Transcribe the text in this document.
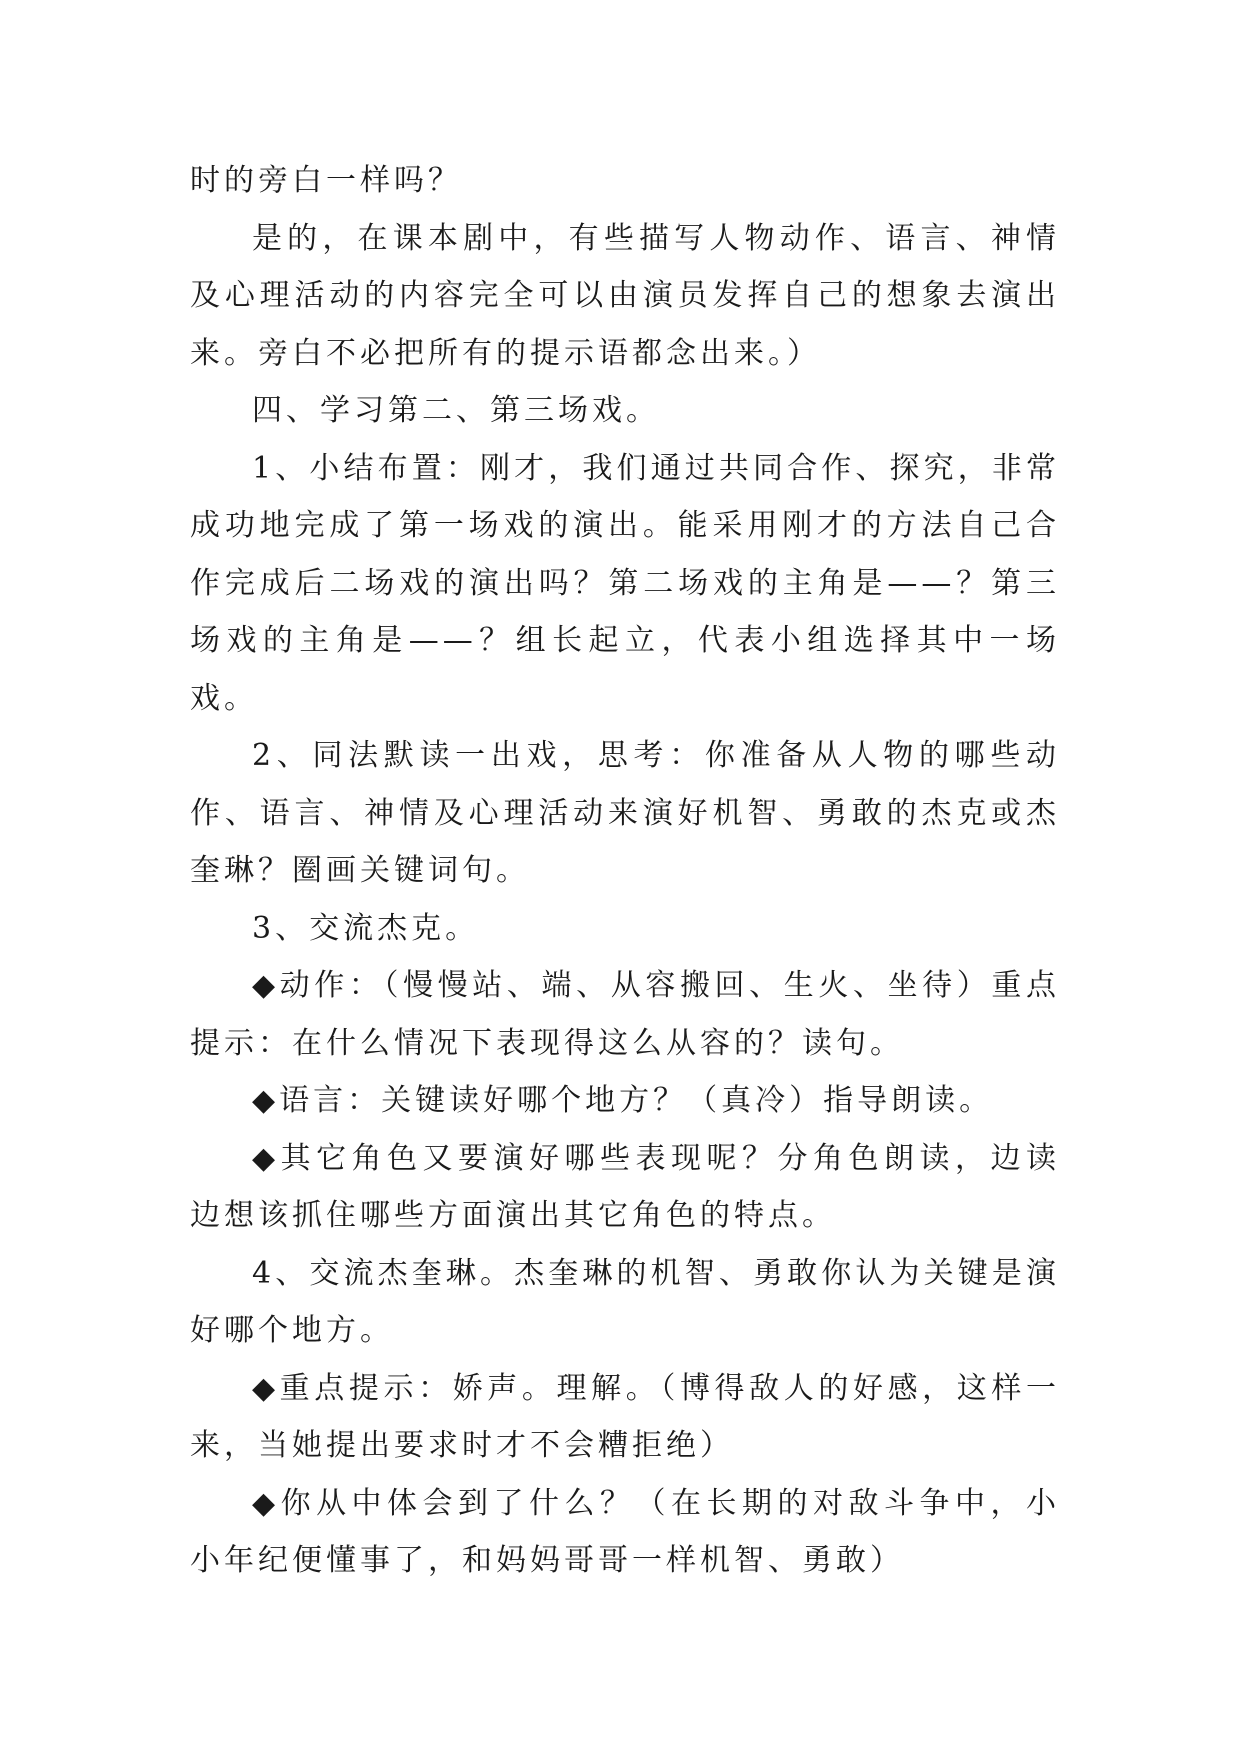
时的旁白一样吗？

是的，在课本剧中，有些描写人物动作、语言、神情及心理活动的内容完全可以由演员发挥自己的想象去演出来。旁白不必把所有的提示语都念出来。）

四、学习第二、第三场戏。

1、小结布置：刚才，我们通过共同合作、探究，非常成功地完成了第一场戏的演出。能采用刚才的方法自己合作完成后二场戏的演出吗？第二场戏的主角是——？第三场戏的主角是——？组长起立，代表小组选择其中一场戏。

2、同法默读一出戏，思考：你准备从人物的哪些动作、语言、神情及心理活动来演好机智、勇敢的杰克或杰奎琳？圈画关键词句。

3、交流杰克。

◆动作：（慢慢站、端、从容搬回、生火、坐待）重点提示：在什么情况下表现得这么从容的？读句。

◆语言：关键读好哪个地方？（真冷）指导朗读。

◆其它角色又要演好哪些表现呢？分角色朗读，边读边想该抓住哪些方面演出其它角色的特点。

4、交流杰奎琳。杰奎琳的机智、勇敢你认为关键是演好哪个地方。

◆重点提示：娇声。理解。（博得敌人的好感，这样一来，当她提出要求时才不会糟拒绝）

◆你从中体会到了什么？（在长期的对敌斗争中，小小年纪便懂事了，和妈妈哥哥一样机智、勇敢）
